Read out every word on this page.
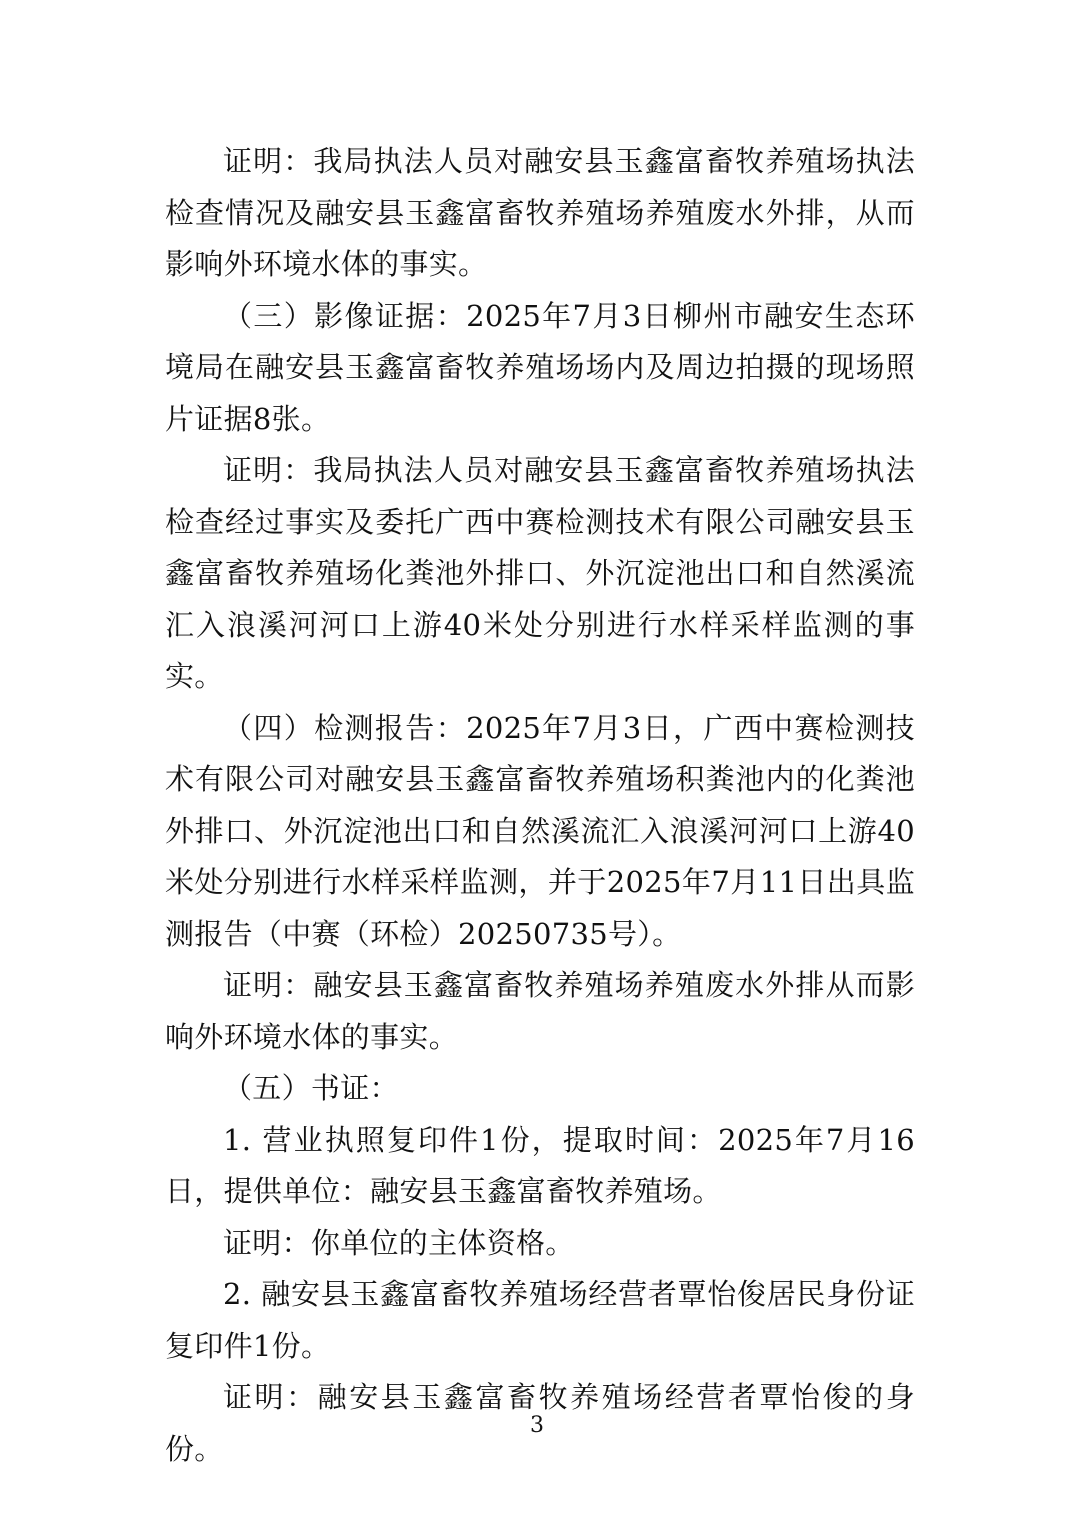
证明：我局执法人员对融安县玉鑫富畜牧养殖场执法检查情况及融安县玉鑫富畜牧养殖场养殖废水外排，从而影响外环境水体的事实。

（三）影像证据：2025年7月3日柳州市融安生态环境局在融安县玉鑫富畜牧养殖场场内及周边拍摄的现场照片证据8张。

证明：我局执法人员对融安县玉鑫富畜牧养殖场执法检查经过事实及委托广西中赛检测技术有限公司融安县玉鑫富畜牧养殖场化粪池外排口、外沉淀池出口和自然溪流汇入浪溪河河口上游40米处分别进行水样采样监测的事实。

（四）检测报告：2025年7月3日，广西中赛检测技术有限公司对融安县玉鑫富畜牧养殖场积粪池内的化粪池外排口、外沉淀池出口和自然溪流汇入浪溪河河口上游40米处分别进行水样采样监测，并于2025年7月11日出具监测报告（中赛（环检）20250735号）。

证明：融安县玉鑫富畜牧养殖场养殖废水外排从而影响外环境水体的事实。

（五）书证：

1. 营业执照复印件1份，提取时间：2025年7月16日，提供单位：融安县玉鑫富畜牧养殖场。

证明：你单位的主体资格。

2. 融安县玉鑫富畜牧养殖场经营者覃怡俊居民身份证复印件1份。

证明：融安县玉鑫富畜牧养殖场经营者覃怡俊的身份。

3
